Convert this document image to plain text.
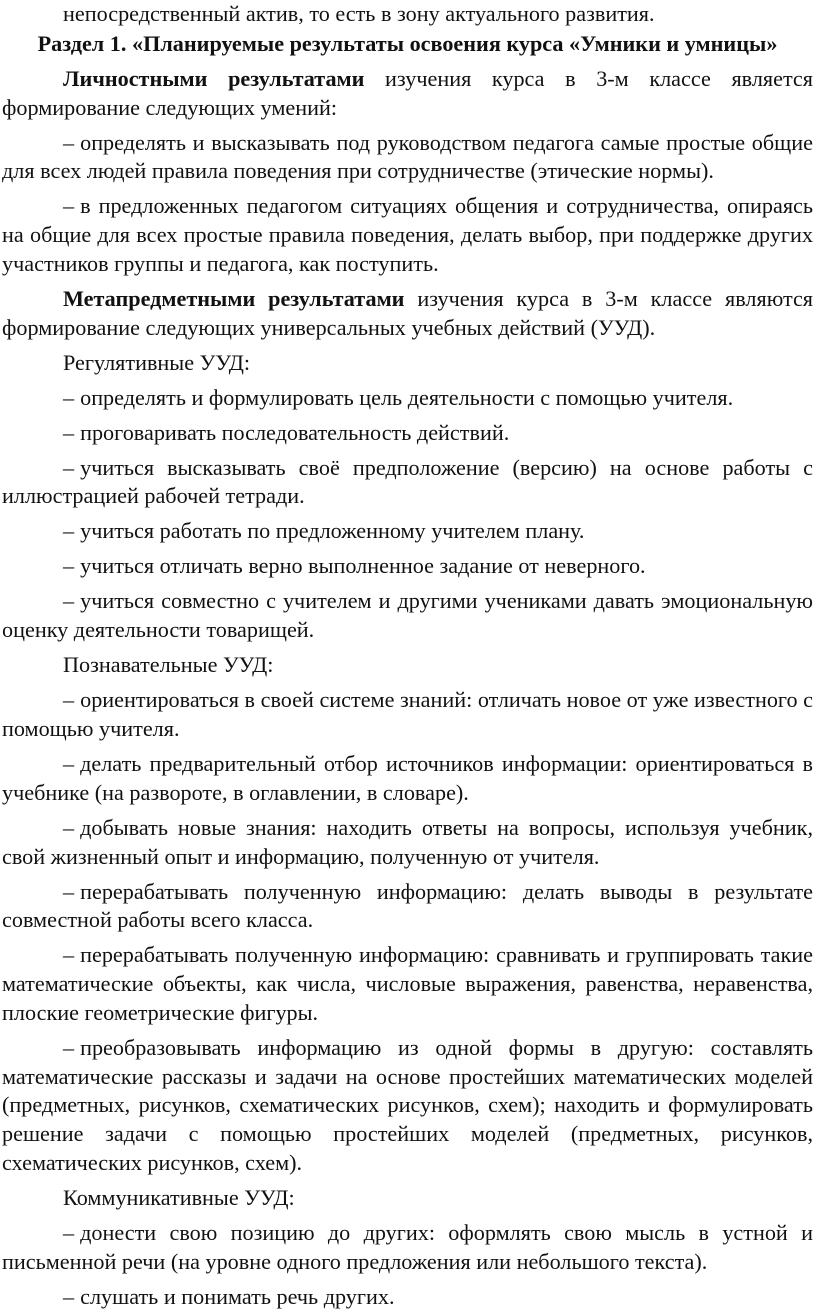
непосредственный актив, то есть в зону актуального развития.

Раздел 1. «Планируемые результаты освоения курса «Умники и умницы»

Личностными результатами изучения курса в 3-м классе является формирование следующих умений:

– определять и высказывать под руководством педагога самые простые общие для всех людей правила поведения при сотрудничестве (этические нормы).

– в предложенных педагогом ситуациях общения и сотрудничества, опираясь на общие для всех простые правила поведения, делать выбор, при поддержке других участников группы и педагога, как поступить.

Метапредметными результатами изучения курса в 3-м классе являются формирование следующих универсальных учебных действий (УУД).

Регулятивные УУД:

– определять и формулировать цель деятельности с помощью учителя.

– проговаривать последовательность действий.

– учиться высказывать своё предположение (версию) на основе работы с иллюстрацией рабочей тетради.

– учиться работать по предложенному учителем плану.

– учиться отличать верно выполненное задание от неверного.

– учиться совместно с учителем и другими учениками давать эмоциональную оценку деятельности товарищей.

Познавательные УУД:

– ориентироваться в своей системе знаний: отличать новое от уже известного с помощью учителя.

– делать предварительный отбор источников информации: ориентироваться в учебнике (на развороте, в оглавлении, в словаре).

– добывать новые знания: находить ответы на вопросы, используя учебник, свой жизненный опыт и информацию, полученную от учителя.

– перерабатывать полученную информацию: делать выводы в результате совместной работы всего класса.

– перерабатывать полученную информацию: сравнивать и группировать такие математические объекты, как числа, числовые выражения, равенства, неравенства, плоские геометрические фигуры.

– преобразовывать информацию из одной формы в другую: составлять математические рассказы и задачи на основе простейших математических моделей (предметных, рисунков, схематических рисунков, схем); находить и формулировать решение задачи с помощью простейших моделей (предметных, рисунков, схематических рисунков, схем).

Коммуникативные УУД:

– донести свою позицию до других: оформлять свою мысль в устной и письменной речи (на уровне одного предложения или небольшого текста).

– слушать и понимать речь других.
